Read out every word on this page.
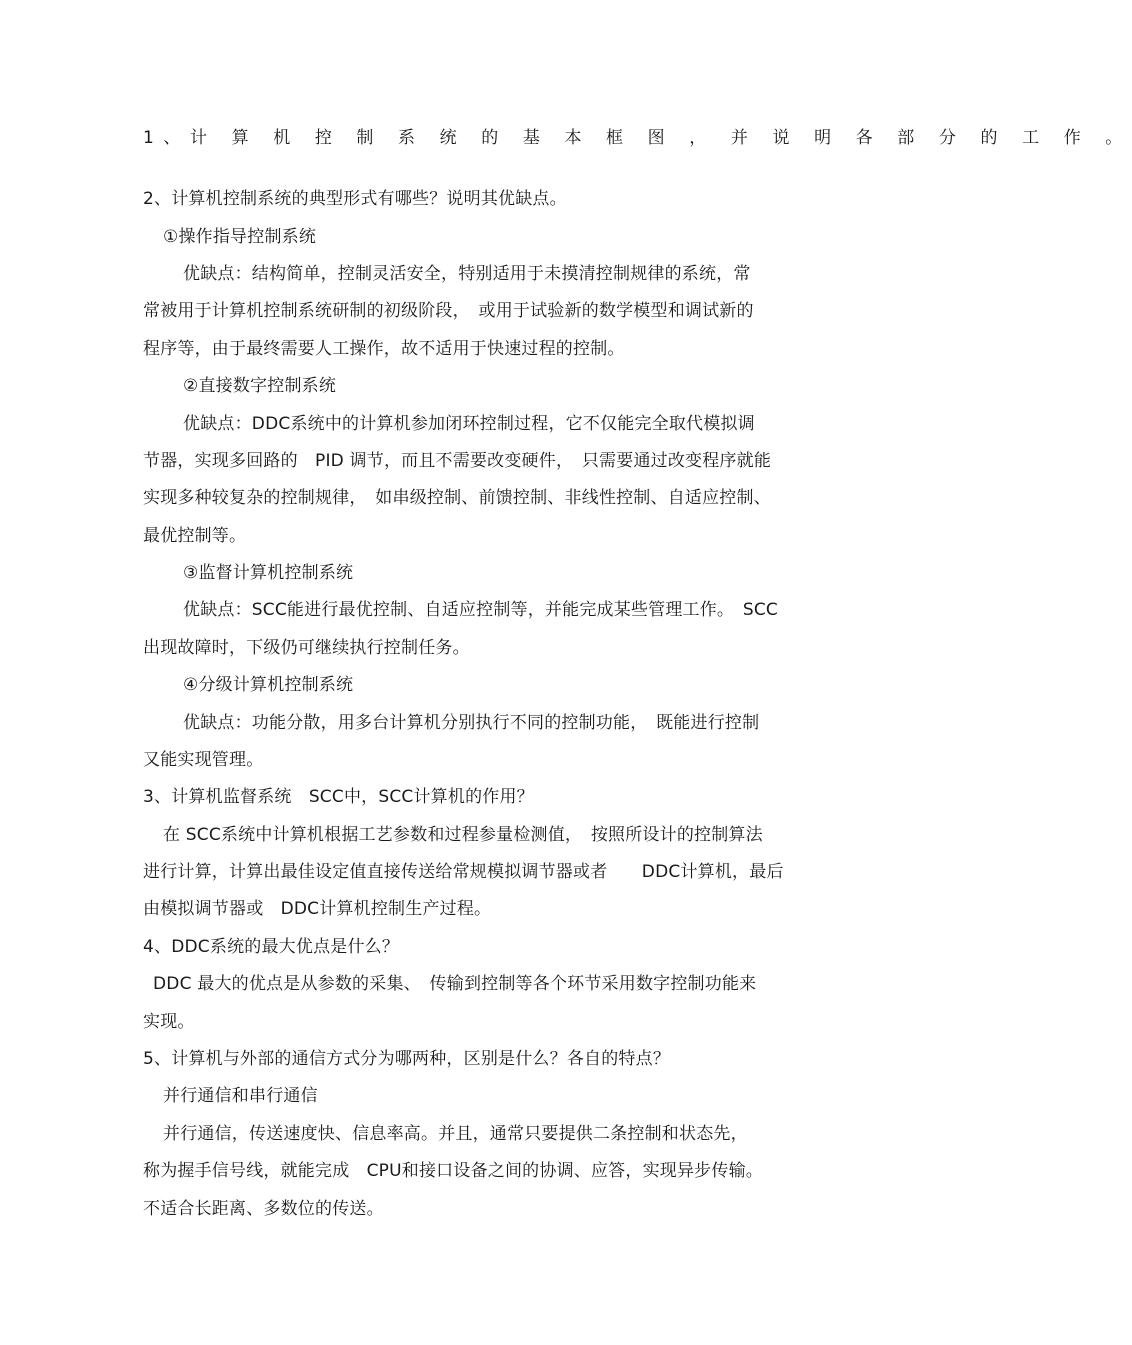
1、计 算 机 控 制 系 统 的 基 本 框 图 ， 并 说 明 各 部 分 的 工 作 。
2、计算机控制系统的典型形式有哪些？说明其优缺点。
①操作指导控制系统
优缺点：结构简单，控制灵活安全，特别适用于未摸清控制规律的系统，常
常被用于计算机控制系统研制的初级阶段，　或用于试验新的数学模型和调试新的
程序等，由于最终需要人工操作，故不适用于快速过程的控制。
②直接数字控制系统
优缺点：DDC系统中的计算机参加闭环控制过程，它不仅能完全取代模拟调
节器，实现多回路的　PID 调节，而且不需要改变硬件，　只需要通过改变程序就能
实现多种较复杂的控制规律，　如串级控制、前馈控制、非线性控制、自适应控制、
最优控制等。
③监督计算机控制系统
优缺点：SCC能进行最优控制、自适应控制等，并能完成某些管理工作。　SCC
出现故障时，下级仍可继续执行控制任务。
④分级计算机控制系统
优缺点：功能分散，用多台计算机分别执行不同的控制功能，　既能进行控制
又能实现管理。
3、计算机监督系统　SCC中，SCC计算机的作用？
在 SCC系统中计算机根据工艺参数和过程参量检测值，　按照所设计的控制算法
进行计算，计算出最佳设定值直接传送给常规模拟调节器或者　　DDC计算机，最后
由模拟调节器或　DDC计算机控制生产过程。
4、DDC系统的最大优点是什么？
DDC 最大的优点是从参数的采集、　传输到控制等各个环节采用数字控制功能来
实现。
5、计算机与外部的通信方式分为哪两种，区别是什么？各自的特点？
并行通信和串行通信
并行通信，传送速度快、信息率高。并且，通常只要提供二条控制和状态先，
称为握手信号线，就能完成　CPU和接口设备之间的协调、应答，实现异步传输。
不适合长距离、多数位的传送。
